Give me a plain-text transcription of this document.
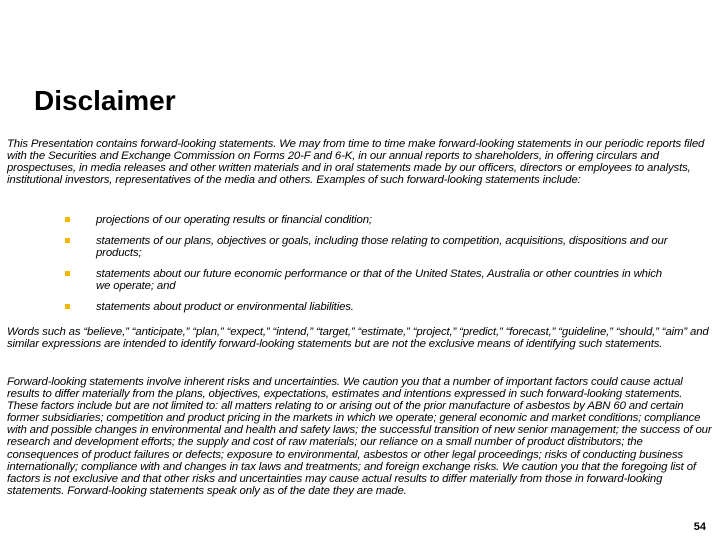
Disclaimer

This Presentation contains forward-looking statements. We may from time to time make forward-looking statements in our periodic reports filed with the Securities and Exchange Commission on Forms 20-F and 6-K, in our annual reports to shareholders, in offering circulars and prospectuses, in media releases and other written materials and in oral statements made by our officers, directors or employees to analysts, institutional investors, representatives of the media and others. Examples of such forward-looking statements include:

projections of our operating results or financial condition;
statements of our plans, objectives or goals, including those relating to competition, acquisitions, dispositions and our products;
statements about our future economic performance or that of the United States, Australia or other countries in which we operate; and
statements about product or environmental liabilities.

Words such as “believe,” “anticipate,” “plan,” “expect,” “intend,” “target,” “estimate,” “project,” “predict,” “forecast,” “guideline,” “should,” “aim” and similar expressions are intended to identify forward-looking statements but are not the exclusive means of identifying such statements.

Forward-looking statements involve inherent risks and uncertainties. We caution you that a number of important factors could cause actual results to differ materially from the plans, objectives, expectations, estimates and intentions expressed in such forward-looking statements. These factors include but are not limited to: all matters relating to or arising out of the prior manufacture of asbestos by ABN 60 and certain former subsidiaries; competition and product pricing in the markets in which we operate; general economic and market conditions; compliance with and possible changes in environmental and health and safety laws; the successful transition of new senior management; the success of our research and development efforts; the supply and cost of raw materials; our reliance on a small number of product distributors; the consequences of product failures or defects; exposure to environmental, asbestos or other legal proceedings; risks of conducting business internationally; compliance with and changes in tax laws and treatments; and foreign exchange risks. We caution you that the foregoing list of factors is not exclusive and that other risks and uncertainties may cause actual results to differ materially from those in forward-looking statements. Forward-looking statements speak only as of the date they are made.

54
